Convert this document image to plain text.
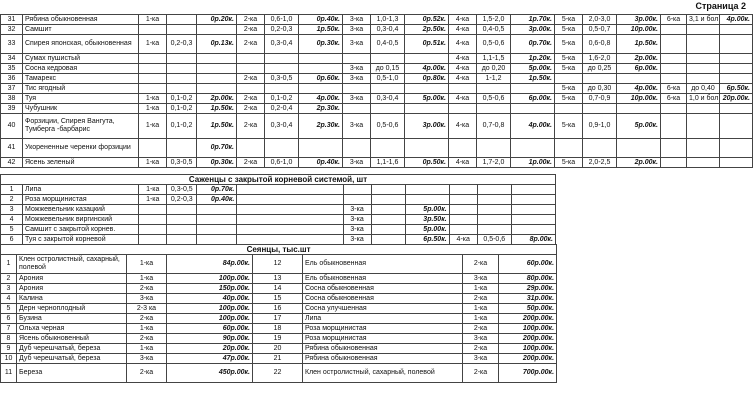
Страница 2
31	Рябина обыкновенная	1-ка		0р.20к.	2-ка	0,6-1,0	0р.40к.	3-ка	1,0-1,3	0р.52к.	4-ка	1,5-2,0	1р.70к.	5-ка	2,0-3,0	3р.00к.	6-ка	3,1 и бол	4р.00к.
32	Самшит				2-ка	0,2-0,3	1р.50к.	3-ка	0,3-0,4	2р.50к.	4-ка	0,4-0,5	3р.00к.	5-ка	0,5-0,7	10р.00к.			
33	Спирея японская, обыкновенная	1-ка	0,2-0,3	0р.13к.	2-ка	0,3-0,4	0р.30к.	3-ка	0,4-0,5	0р.51к.	4-ка	0,5-0,6	0р.70к.	5-ка	0,6-0,8	1р.50к.			
34	Сумах пушистый										4-ка	1,1-1,5	1р.20к.	5-ка	1,6-2,0	2р.00к.			
35	Сосна кедровая							3-ка	до 0,15	4р.00к.	4-ка	до 0,20	5р.00к.	5-ка	до 0,25	6р.00к.			
36	Тамарекс				2-ка	0,3-0,5	0р.60к.	3-ка	0,5-1,0	0р.80к.	4-ка	1-1,2	1р.50к.						
37	Тис ягодный													5-ка	до 0,30	4р.00к.	6-ка	до 0,40	6р.50к.
38	Туя	1-ка	0,1-0,2	2р.00к.	2-ка	0,1-0,2	4р.00к.	3-ка	0,3-0,4	5р.00к.	4-ка	0,5-0,6	6р.00к.	5-ка	0,7-0,9	10р.00к.	6-ка	1,0 и бол	20р.00к.
39	Чубушник	1-ка	0,1-0,2	1р.50к.	2-ка	0,2-0,4	2р.30к.												
40	Форзиции, Спирея Вангута, Тумберга -барбарис	1-ка	0,1-0,2	1р.50к.	2-ка	0,3-0,4	2р.30к.	3-ка	0,5-0,6	3р.00к.	4-ка	0,7-0,8	4р.00к.	5-ка	0,9-1,0	5р.00к.			
41	Укорененные черенки форзиции			0р.70к.															
42	Ясень зеленый	1-ка	0,3-0,5	0р.30к.	2-ка	0,6-1,0	0р.40к.	3-ка	1,1-1,6	0р.50к.	4-ка	1,7-2,0	1р.00к.	5-ка	2,0-2,5	2р.00к.			
Саженцы с закрытой корневой системой, шт											
1	Липа	1-ка	0,3-0,5	0р.70к.							
2	Роза морщинистая	1-ка	0,2-0,3	0р.40к.							
3	Можжевельник казацкий					3-ка		5р.00к.			
4	Можжевельник виргинский					3-ка		3р.50к.			
5	Самшит с закрытой корнев.					3-ка		5р.00к.			
6	Туя с закрытой корневой					3-ка		6р.50к.	4-ка	0,5-0,6	8р.00к.
Сеянцы, тыс.шт							
1	Клен остролистный, сахарный, полевой	1-ка	84р.00к.	12	Ель обыкновенная	2-ка	60р.00к.
2	Арония	1-ка	100р.00к.	13	Ель обыкновенная	3-ка	80р.00к.
3	Арония	2-ка	150р.00к.	14	Сосна обыкновенная	1-ка	29р.00к.
4	Калина	3-ка	40р.00к.	15	Сосна обыкновенная	2-ка	31р.00к.
5	Дерн черноплодный	2-3 ка	100р.00к.	16	Сосна улучшенная	1-ка	50р.00к.
6	Бузина	2-ка	100р.00к.	17	Липа	1-ка	200р.00к.
7	Ольха черная	1-ка	60р.00к.	18	Роза морщинистая	2-ка	100р.00к.
8	Ясень обыкновенный	2-ка	90р.00к.	19	Роза морщинистая	3-ка	200р.00к.
9	Дуб черешчатый, береза	1-ка	20р.00к.	20	Рябина обыкновенная	2-ка	100р.00к.
10	Дуб черешчатый, береза	3-ка	47р.00к.	21	Рябина обыкновенная	3-ка	200р.00к.
11	Береза	2-ка	450р.00к.	22	Клен остролистный, сахарный, полевой	2-ка	700р.00к.
